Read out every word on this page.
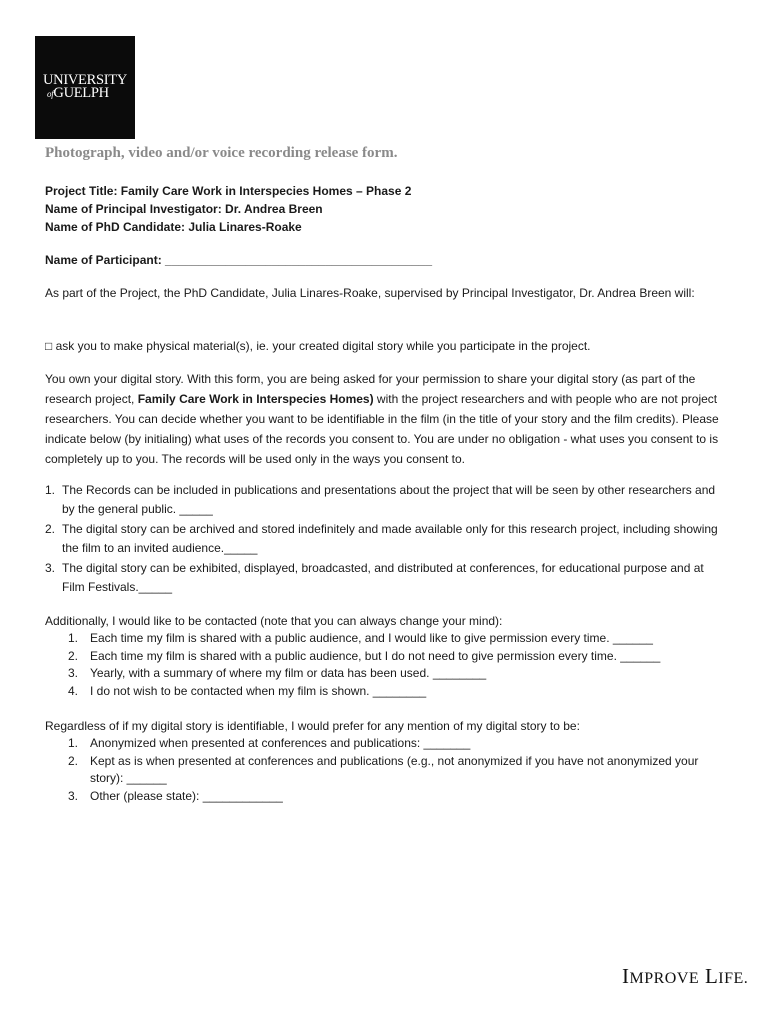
UNIVERSITY
ofGUELPH
Photograph, video and/or voice recording release form.
Project Title: Family Care Work in Interspecies Homes – Phase 2
Name of Principal Investigator: Dr. Andrea Breen
Name of PhD Candidate: Julia Linares-Roake
Name of Participant: ________________________________________

As part of the Project, the PhD Candidate, Julia Linares-Roake, supervised by Principal Investigator, Dr. Andrea Breen will:

□ ask you to make physical material(s), ie. your created digital story while you participate in the project.

You own your digital story. With this form, you are being asked for your permission to share your digital story (as part of the research project, Family Care Work in Interspecies Homes) with the project researchers and with people who are not project researchers. You can decide whether you want to be identifiable in the film (in the title of your story and the film credits). Please indicate below (by initialing) what uses of the records you consent to. You are under no obligation - what uses you consent to is completely up to you. The records will be used only in the ways you consent to.

1. The Records can be included in publications and presentations about the project that will be seen by other researchers and by the general public. _____
2. The digital story can be archived and stored indefinitely and made available only for this research project, including showing the film to an invited audience._____
3. The digital story can be exhibited, displayed, broadcasted, and distributed at conferences, for educational purpose and at Film Festivals._____
Additionally, I would like to be contacted (note that you can always change your mind):
1. Each time my film is shared with a public audience, and I would like to give permission every time. ______
2. Each time my film is shared with a public audience, but I do not need to give permission every time. ______
3. Yearly, with a summary of where my film or data has been used. ________
4. I do not wish to be contacted when my film is shown. ________
Regardless of if my digital story is identifiable, I would prefer for any mention of my digital story to be:
1. Anonymized when presented at conferences and publications: _______
2. Kept as is when presented at conferences and publications (e.g., not anonymized if you have not anonymized your story): ______
3. Other (please state): ____________
IMPROVE LIFE.
